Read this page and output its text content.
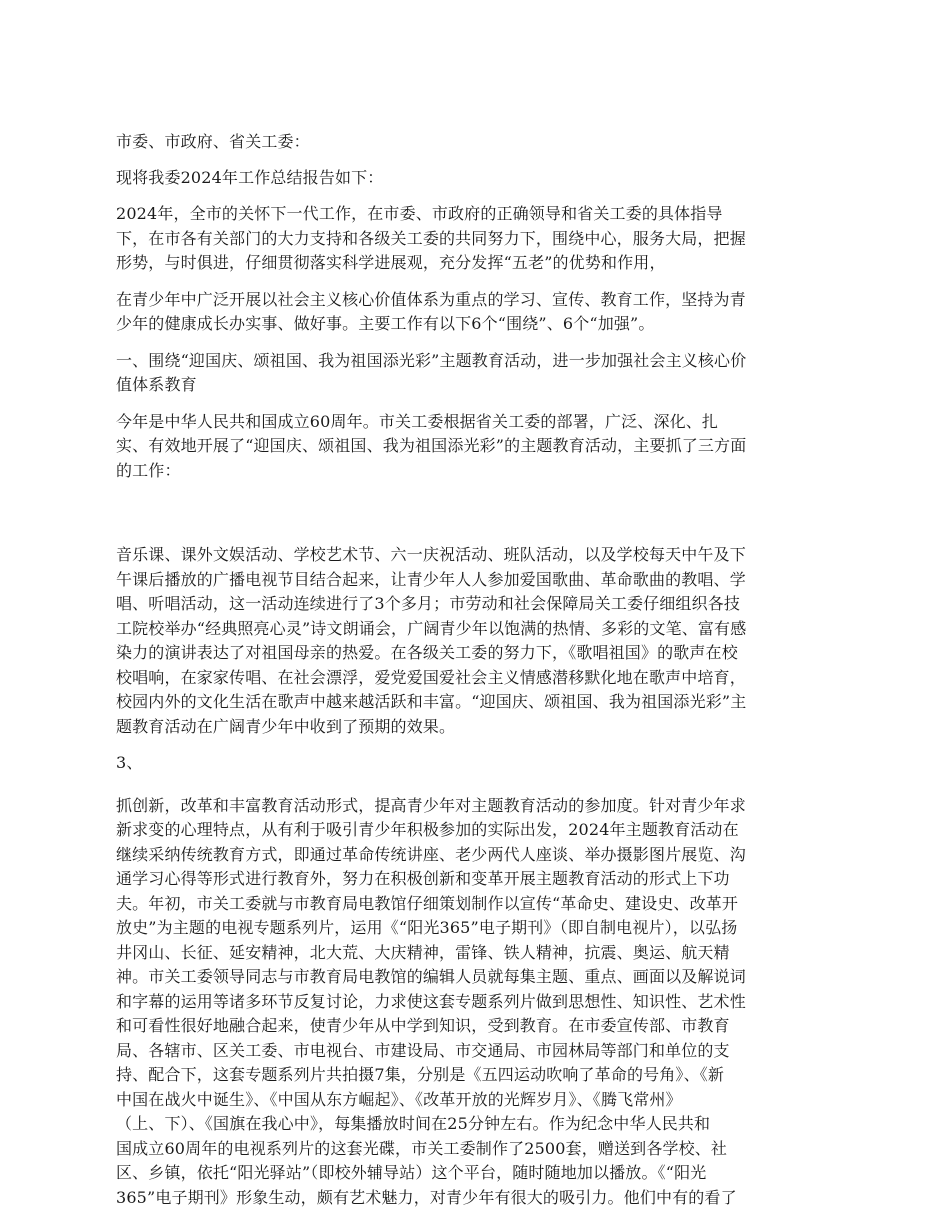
市委、市政府、省关工委：

现将我委2024年工作总结报告如下：

2024年，全市的关怀下一代工作，在市委、市政府的正确领导和省关工委的具体指导
下，在市各有关部门的大力支持和各级关工委的共同努力下，围绕中心，服务大局，把握
形势，与时俱进，仔细贯彻落实科学进展观，充分发挥“五老”的优势和作用，

在青少年中广泛开展以社会主义核心价值体系为重点的学习、宣传、教育工作，坚持为青
少年的健康成长办实事、做好事。主要工作有以下6个“围绕”、6个“加强”。

一、围绕“迎国庆、颂祖国、我为祖国添光彩”主题教育活动，进一步加强社会主义核心价
值体系教育

今年是中华人民共和国成立60周年。市关工委根据省关工委的部署，广泛、深化、扎
实、有效地开展了“迎国庆、颂祖国、我为祖国添光彩”的主题教育活动，主要抓了三方面
的工作：

音乐课、课外文娱活动、学校艺术节、六一庆祝活动、班队活动，以及学校每天中午及下
午课后播放的广播电视节目结合起来，让青少年人人参加爱国歌曲、革命歌曲的教唱、学
唱、听唱活动，这一活动连续进行了3个多月；市劳动和社会保障局关工委仔细组织各技
工院校举办“经典照亮心灵”诗文朗诵会，广阔青少年以饱满的热情、多彩的文笔、富有感
染力的演讲表达了对祖国母亲的热爱。在各级关工委的努力下，《歌唱祖国》的歌声在校
校唱响，在家家传唱、在社会漂浮，爱党爱国爱社会主义情感潜移默化地在歌声中培育，
校园内外的文化生活在歌声中越来越活跃和丰富。“迎国庆、颂祖国、我为祖国添光彩”主
题教育活动在广阔青少年中收到了预期的效果。

3、

抓创新，改革和丰富教育活动形式，提高青少年对主题教育活动的参加度。针对青少年求
新求变的心理特点，从有利于吸引青少年积极参加的实际出发，2024年主题教育活动在
继续采纳传统教育方式，即通过革命传统讲座、老少两代人座谈、举办摄影图片展览、沟
通学习心得等形式进行教育外，努力在积极创新和变革开展主题教育活动的形式上下功
夫。年初，市关工委就与市教育局电教馆仔细策划制作以宣传“革命史、建设史、改革开
放史”为主题的电视专题系列片，运用《“阳光365”电子期刊》（即自制电视片），以弘扬
井冈山、长征、延安精神，北大荒、大庆精神，雷锋、铁人精神，抗震、奥运、航天精
神。市关工委领导同志与市教育局电教馆的编辑人员就每集主题、重点、画面以及解说词
和字幕的运用等诸多环节反复讨论，力求使这套专题系列片做到思想性、知识性、艺术性
和可看性很好地融合起来，使青少年从中学到知识，受到教育。在市委宣传部、市教育
局、各辖市、区关工委、市电视台、市建设局、市交通局、市园林局等部门和单位的支
持、配合下，这套专题系列片共拍摄7集，分别是《五四运动吹响了革命的号角》、《新
中国在战火中诞生》、《中国从东方崛起》、《改革开放的光辉岁月》、《腾飞常州》
（上、下）、《国旗在我心中》，每集播放时间在25分钟左右。作为纪念中华人民共和
国成立60周年的电视系列片的这套光碟，市关工委制作了2500套，赠送到各学校、社
区、乡镇，依托“阳光驿站”（即校外辅导站）这个平台，随时随地加以播放。《“阳光
365”电子期刊》形象生动，颇有艺术魅力，对青少年有很大的吸引力。他们中有的看了
